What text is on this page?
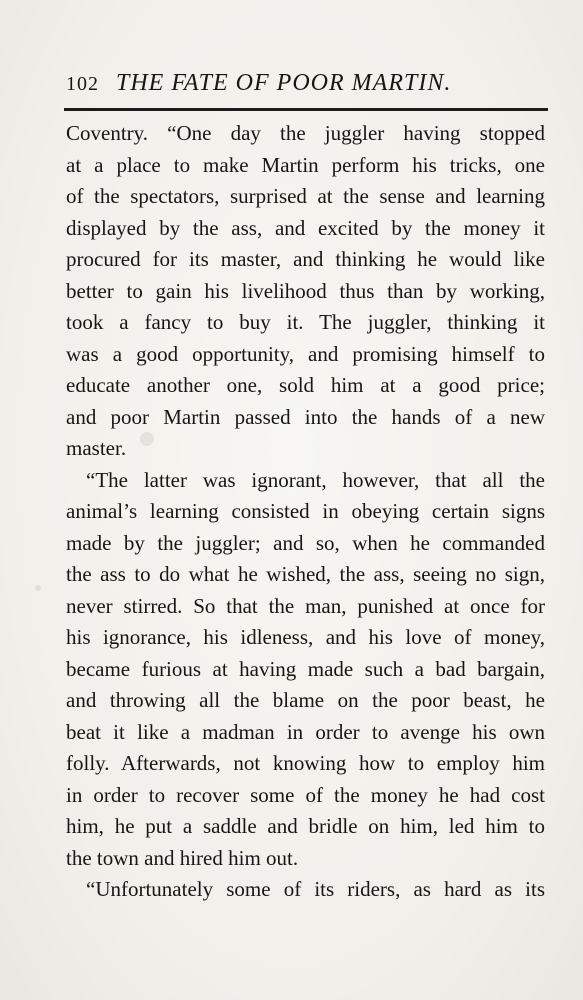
102 THE FATE OF POOR MARTIN.
Coventry. “One day the juggler having stopped
at a place to make Martin perform his tricks, one
of the spectators, surprised at the sense and learning
displayed by the ass, and excited by the money it
procured for its master, and thinking he would like
better to gain his livelihood thus than by working,
took a fancy to buy it. The juggler, thinking it
was a good opportunity, and promising himself to
educate another one, sold him at a good price;
and poor Martin passed into the hands of a new
master.
“The latter was ignorant, however, that all the
animal’s learning consisted in obeying certain signs
made by the juggler; and so, when he commanded
the ass to do what he wished, the ass, seeing no sign,
never stirred. So that the man, punished at once for
his ignorance, his idleness, and his love of money,
became furious at having made such a bad bargain,
and throwing all the blame on the poor beast, he
beat it like a madman in order to avenge his own
folly. Afterwards, not knowing how to employ him
in order to recover some of the money he had cost
him, he put a saddle and bridle on him, led him to
the town and hired him out.
“Unfortunately some of its riders, as hard as its
